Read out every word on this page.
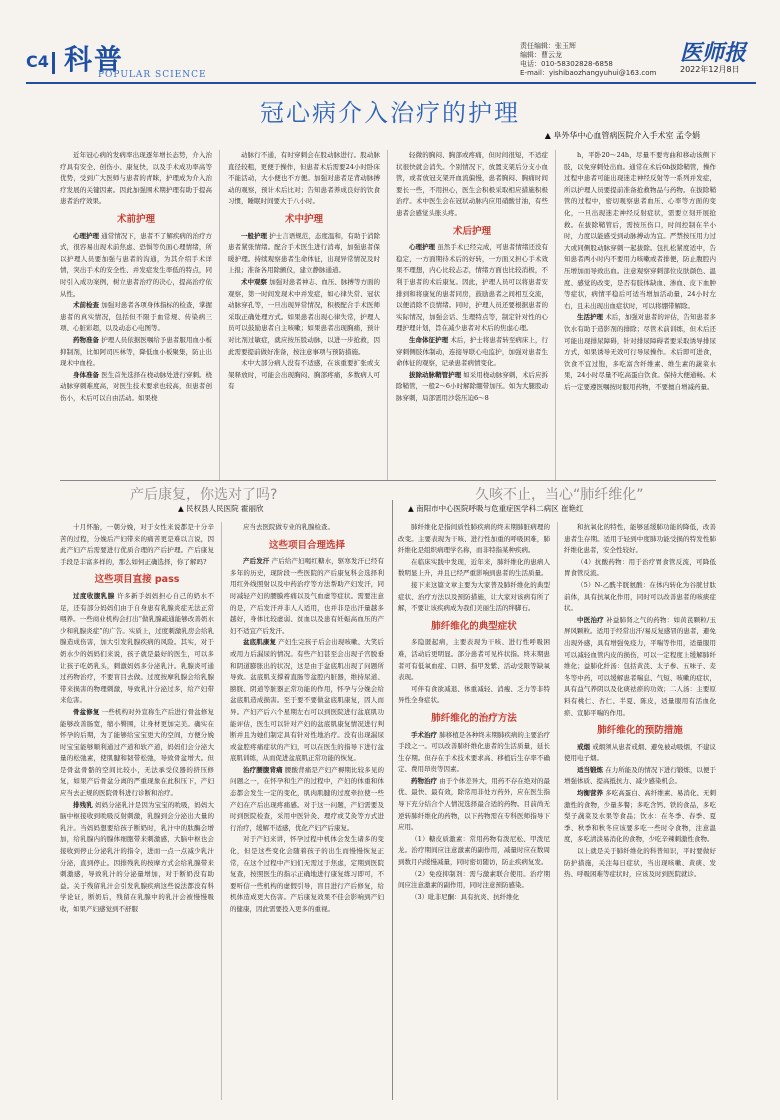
C4 科普
POPULAR SCIENCE
责任编辑：张玉辉
编辑：曹云龙
电话：010-58302828-6858
E-mail：yishibaozhangyuhui@163.com
医师报
2022年12月8日
冠心病介入治疗的护理
▲ 阜外华中心血管病医院介入手术室 孟令娟

近年冠心病的发病率出现逐年增长态势，介入治疗具有安全、创伤小、康复快，以及手术成功率高等优势，受到广大医师与患者的青睐，护理成为介入治疗发展的关键因素。因此加强围术期护理有助于提高患者治疗效果。

术前护理

心理护理 通常情况下，患者不了解疾病的治疗方式，很容易出现术前焦虑、恐惧等负面心理情绪，所以护理人员要加强与患者的沟通，为其介绍手术详情，突出手术的安全性、并发症发生率低的特点，同时引入成功案例，树立患者治疗的决心，提高治疗依从性。

术前检查 加强对患者各项身体指标的检查，掌握患者的真实情况，包括但不限于血常规、传染病三项、心脏彩超，以及动态心电图等。

药物准备 护理人员依据医嘱给予患者服用血小板抑制剂，比如阿司匹林等，降低血小板聚集，防止出现术中血栓。

身体准备 医生首先选择在桡动脉处进行穿刺。桡动脉穿刺难度高，对医生技术要求也较高，但患者创伤小，术后可以自由活动。如果桡

动脉行不通，有时穿刺会在股动脉进行。股动脉直径较粗，更便于操作，但患者术后需要24小时卧床不能活动，大小便也不方便。加强对患者足背动脉搏动的观察，预计术后比对；告知患者养成良好的饮食习惯，睡眠时间要大于八小时。

术中护理

一般护理 护士言语规范，态度温和，有助于消除患者紧张情绪。配合手术医生进行消毒，加强患者保暖护理。持续观察患者生命体征，出现异常情况及时上报；准备各用除颤仪，建立静脉通道。

术中观察 加强对患者神志、血压、脉搏等方面的观察，第一时间发现术中并发症，如心律失常、冠状动脉穿孔等，一旦出现异常情况，积极配合手术医师采取正确处理方式。如果患者出现心律失常，护理人员可以鼓励患者自主咳嗽；如果患者出现胸痛，预计对比剂过敏症，就应按压股动脉，以进一步抢救，因此需要提前做好准备，按注意事项与预防措施。

术中大部分病人没有不适感，在该重要扩张或支架释放时，可能会出现胸闷、胸部疼痛，多数病人可有

轻微的胸闷、胸部或疼痛，但时间很短，不适症状很快就会消失。个别情况下，放置支架后分支小血管，或者放冠支架开血流偏慢，患者胸闷、胸痛时间要长一些，不用担心，医生会积极采取相应措施积极治疗。术中医生会在冠状动脉内应用硝酸甘油，有些患者会感觉头胀头疼。

术后护理

心理护理 虽然手术已经完成，可患者情绪还没有稳定，一方面期待术后的好转，一方面又担心手术效果不理想，内心比较忐忑，情绪方面也比较消极，不利于患者的术后康复。因此，护理人员可以将患者安排到和将康复的患者同房，鼓励患者之间相互交流，以便消除不良情绪。同时，护理人员还要根据患者的实际情况，加强会话、生理特点等，制定针对性的心理护理计划，旨在减少患者对术后的焦虑心理。

生命体征护理 术后，护士将患者转至病床上，行穿刺侧肢体制动，连接导联心电监护，加强对患者生命体征的观察，记录患者病情变化。

拔除动脉鞘管护理 如采用桡动脉穿刺，术后应拆除鞘管，一般2～6小时解除绷带加压。如为大腿股动脉穿刺，局部需用沙袋压迫6～8

h，平卧20～24h，尽量不要弯曲和移动该侧下肢，以免穿刺处出血。通常在术后6h拔除鞘管，操作过程中患者可能出现迷走神经反射等一系列并发症，所以护理人员要提前准备抢救物品与药物。在拔除鞘管的过程中，密切观察患者血压、心率等方面的变化，一旦出现迷走神经反射症状，需要立刻开展抢救。在拔除鞘管后，需按压伤口，时间控制在半小时，力度以能感受到动脉搏动为宜。严禁按压用力过大或同侧股动脉穿刺一起拔除。包扎松紧度适中，告知患者两小时内不要用力咳嗽或者排便，防止腹腔内压增加而导致出血。注意观察穿刺部位皮肤颜色、温度、感觉的改变，是否有肢体缺血、渗血、皮下血肿等症状，病情平稳后可适当增加活动量，24小时左右，且未出现出血症状时，可以将绷带解除。

生活护理 术后，加强对患者的评估，告知患者多饮水有助于造影剂的排除；尽管术前训练，但术后还可能出现排尿障碍，针对排尿障碍者要采取诱导排尿方式，如果诱导无效可行导尿操作。术后即可进食，饮食不宜过饱，多吃富含纤维素、维生素的蔬菜水果，24小时尽量不吃高蛋白饮食。保持大便通畅。术后一定要遵医嘱按时服用药物，不要擅自增减药量。

产后康复，你选对了吗?
▲ 民权县人民医院 霍丽欣
久咳不止，当心“肺纤维化”
▲ 南阳市中心医院呼吸与危重症医学科二病区 崔艳红

十月怀胎，一朝分娩，对于女性来说都是十分辛苦的过程，分娩后产妇带来的痛苦更是难以言说，因此产妇产后需要进行优质合理的产后护理。产后康复手段是丰富多样的，那么如何正确选择，你了解吗?

这些项目直接 pass

过度收腹乳腺 许多新手妈妈担心自己的奶水不足，还有部分妈妈们由于自身患有乳腺炎症无法正常喂养。一些商业机构会打出“做乳腺疏通能够改善奶水少和乳腺炎症”的广告。实质上，过度刺激乳房会给乳腺造成伤害，加大引发乳腺疾病的风险。其实，对于奶水少的妈妈们来说，孩子就是最好的医生，可以多让孩子吃奶乳头，刺激妈妈多分泌乳汁。乳腺炎可通过药物治疗，不要盲目去做。过度按摩乳腺会给乳腺带来损害的物理刺激，导致乳汁分泌过多，给产妇带来危害。

骨盆修复 一些机构对外宣称生产后进行骨盆修复能够改善肠宽，缩小臀围，让身材更加完美。确实在怀孕的后期，为了能够给宝宝更大的空间，方便分娩时宝宝能够顺利通过产道和软产道，妈妈们会分泌大量的松弛素，使肌腱和韧带松弛，导致骨盆增大。但是骨盆骨骼的空间比较小，无法承受仪器的挤压修复，如果产后骨盆分离的严重现象在此积压下，产妇应当去正规的医院骨科进行诊断和治疗。

排残乳 妈妈分泌乳汁是因为宝宝的吮吸，妈妈大脑中枢接收到吮吸反射刺激，乳腺到会分泌出大量的乳汁。当妈妈想要给孩子断奶时，乳汁中的肽酶会增加，给乳腺内的腺体细胞带来刺激感，大脑中枢也会接收到停止分泌乳汁的指令，进而一点一点减少乳汁分泌，直到停止。因排残乳的按摩方式会给乳腺带来刺激感，导致乳汁的分泌量增加，对于断奶没有助益。关于残留乳汁会引发乳腺疾病这些说法都没有科学论证，断奶后，残留在乳腺中的乳汁会被慢慢吸收，如果产妇感觉到不舒服

应当去医院做专业的乳腺检查。

这些项目合理选择

产后发汗 产后给产妇喝红糖水，驱寒发汗已经有多年的历史，现阶段一些医院的产后康复科会选择利用红外线照射以及中药治疗等方法帮助产妇发汗，同时减轻产妇的腰膜疼痛以及气血虚等症状。需要注意的是，产后发汗并非人人适用，也并非是出汗量越多越好，身体比较虚弱、贫血以及患有妊娠高血压的产妇不适宜产后发汗。

盆底肌康复 产妇生完孩子后会出现咳嗽、大笑后或用力后漏尿的情况。有些产妇甚至会出现子宫脱垂和阴道膨胀出的状况，这是由于盆底肌出现了问题所导致。盆底肌支撑着直肠等盆腔内脏器，维持尿道、膀胱、阴道等脏器正常功能的作用，怀孕与分娩会给盆底肌造成损害。至于要不要做盆底肌康复，因人而异。产妇产后六个星期左右可以到医院进行盆底肌功能评估，医生可以针对产妇的盆底肌康复情况进行判断并且为她们制定具有针对性地治疗。没有出现漏尿或盆腔疼痛症状的产妇，可以在医生的指导下进行盆底肌训练，从而促进盆底肌正常功能的恢复。

治疗腰腹背痛 腰酸背痛是产妇产褥期比较多见的问题之一，在怀孕和生产的过程中，产妇的体重和体态都会发生一定的变化，肌肉肌腱的过度牵拉使一些产妇在产后出现疼痛感。对于这一问题，产妇需要及时到医院检查，采用中医针灸、理疗或艾灸等方式进行治疗，缓解不适感，优化产妇产后康复。

对于产妇来讲，怀孕过程中机体会发生诸多的变化，但是这些变化会随着孩子的出生而慢慢恢复正常，在这个过程中产妇们无需过于焦虑，定期到医院复查，按照医生的指示正确地进行康复练习即可，不要听信一些机构的虚假引导，盲目进行产后修复，给机体造成更大伤害。产后康复效果不佳会影响到产妇的健康，因此需要投入更多的重视。

肺纤维化是指间质性肺疾病的终末期肺脏病理的改变。主要表现为干咳、进行性加重的呼吸困难，肺纤维化是组织病理学名称，而非特指某种疾病。

在临床实践中发现，近年来，肺纤维化的患病人数明显上升，并且已经严重影响到患者的生活质量。

接下来这篇文章主要为大家普及肺纤维化的典型症状、治疗方法以及预防措施，让大家对该病有所了解，不要让该疾病成为我们美丽生活的绊脚石。

肺纤维化的典型症状

多隐匿起病，主要表现为干咳、进行性呼吸困难，活动后更明显。部分患者可见杵状指。终末期患者可有低氧血症、口唇、指甲发紫、活动受限等缺氧表现。

可伴有食欲减退、体重减轻、消瘦、乏力等非特异性全身症状。

肺纤维化的治疗方法

手术治疗 肺移植是各种终末期肺疾病的主要治疗手段之一。可以改善肺纤维化患者的生活质量，延长生存期。但存在手术技术要求高、移植后生存率不确定、费用昂贵等因素。

药物治疗 由于个体差异大，用药不存在绝对的最优、最快、最有效，除常用非处方药外，应在医生指导下充分结合个人情况选择最合适的药物。目前尚无逆转肺纤维化的药物，以下药物需在专科医师指导下应用。

（1）糖皮质激素：常用药物有泼尼松、甲泼尼龙。治疗期间应注意激素的副作用，减量时应在数周到数月内缓慢减量，同时密切随访，防止疾病复发。

（2）免疫抑制剂：需与激素联合使用。治疗期间应注意激素的副作用，同时注意预防感染。

（3）吡非尼酮：具有抗炎、抗纤维化

和抗氧化的特性，能够延缓肺功能的降低，改善患者生存期。适用于轻到中度肺功能受损的特发性肺纤维化患者，安全性较好。

（4）抗酸药物：用于治疗胃食管反流，可降低胃食管反流。

（5）N-乙酰半胱氨酸：在体内转化为谷胱甘肽前体，具有抗氧化作用，同时可以改善患者的咳痰症状。

中医治疗 补益肺肾之气的药物：如黄芪颗粒/玉屏风颗粒。适用于经常出汗/易反复感冒的患者，避免出现外感，具有增强免疫力，平喘等作用，适量服用可以减轻血管内皮的损伤，可以一定程度上缓解肺纤维化；益肺化纤汤：包括黄芪、太子参、五味子、麦冬等中药，可以缓解患者喘息、气短、咳嗽的症状，具有益气养阴以及化痰祛瘀的功效；二人汤：主要原料有桃仁、杏仁、半夏、陈皮，适量服用有活血化瘀、宣肺平喘的作用。

肺纤维化的预防措施

戒烟 戒烟须从患者戒烟、避免被动吸烟，不建议使用电子烟。

适当锻炼 在力所能及的情况下进行锻炼，以便于增强体质、提高抵抗力、减少感染机会。

均衡营养 多吃高蛋白、高纤维素、易消化、无刺激性的食物，少量多餐；多吃含钙、铁的食品，多吃梨子蔬菜及水果等食品；饮水：在冬季、春季、夏季、秋季和秋冬应该要多吃一些时令食物，注意温度，多吃清淡易消化的食物，少吃辛辣刺激性食物。

以上就是关于肺纤维化的科普知识，平时要做好防护措施，关注每日症状，当出现咳嗽、黄痰、发热、呼吸困难等症状时，应该及时到医院就诊。
